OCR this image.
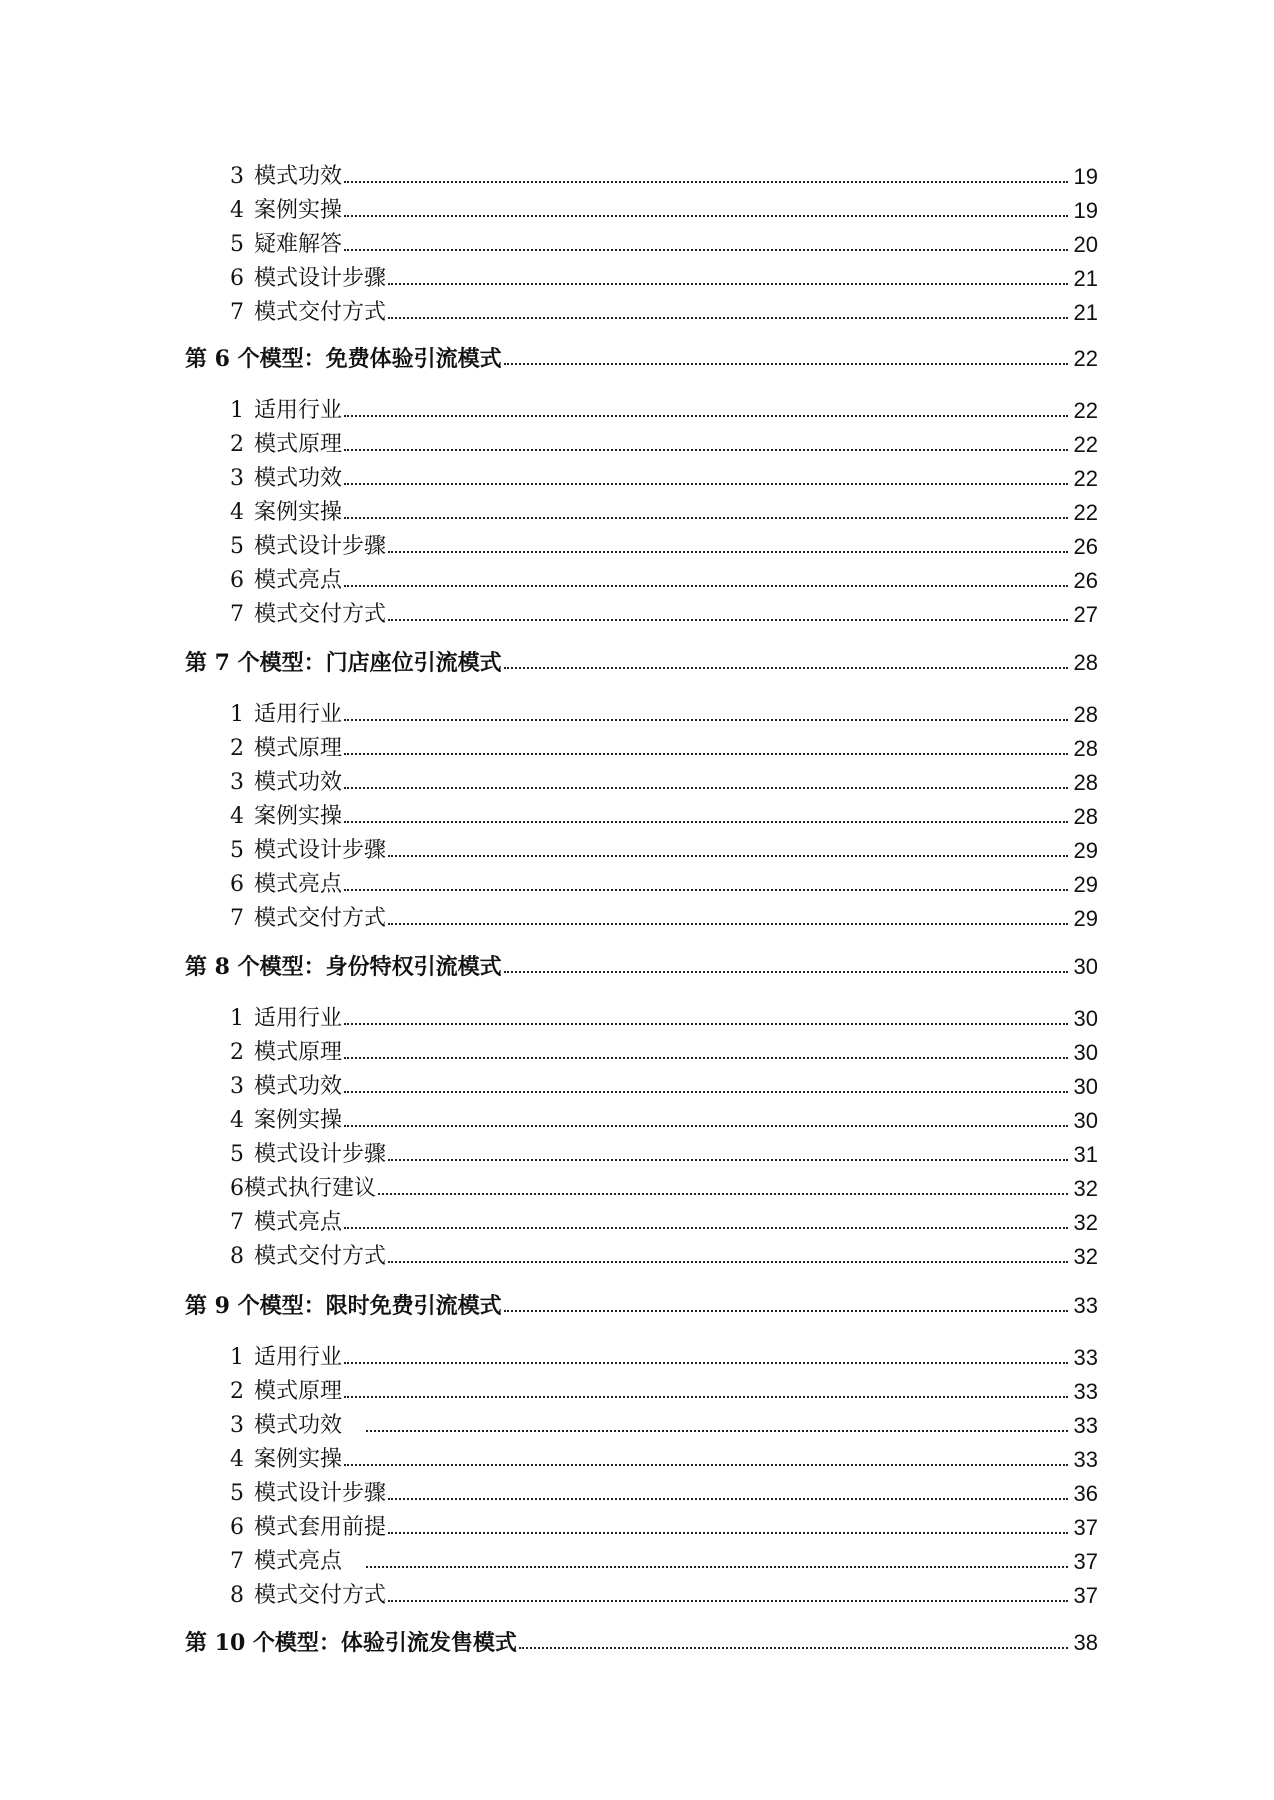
3 模式功效	19
4 案例实操	19
5 疑难解答	20
6 模式设计步骤	21
7 模式交付方式	21
第 6 个模型：免费体验引流模式	22
1 适用行业	22
2 模式原理	22
3 模式功效	22
4 案例实操	22
5 模式设计步骤	26
6 模式亮点	26
7 模式交付方式	27
第 7 个模型：门店座位引流模式	28
1 适用行业	28
2 模式原理	28
3 模式功效	28
4 案例实操	28
5 模式设计步骤	29
6 模式亮点	29
7 模式交付方式	29
第 8 个模型：身份特权引流模式	30
1 适用行业	30
2 模式原理	30
3 模式功效	30
4 案例实操	30
5 模式设计步骤	31
6 模式执行建议	32
7 模式亮点	32
8 模式交付方式	32
第 9 个模型：限时免费引流模式	33
1 适用行业	33
2 模式原理	33
3 模式功效	33
4 案例实操	33
5 模式设计步骤	36
6 模式套用前提	37
7 模式亮点	37
8 模式交付方式	37
第 10 个模型：体验引流发售模式	38
